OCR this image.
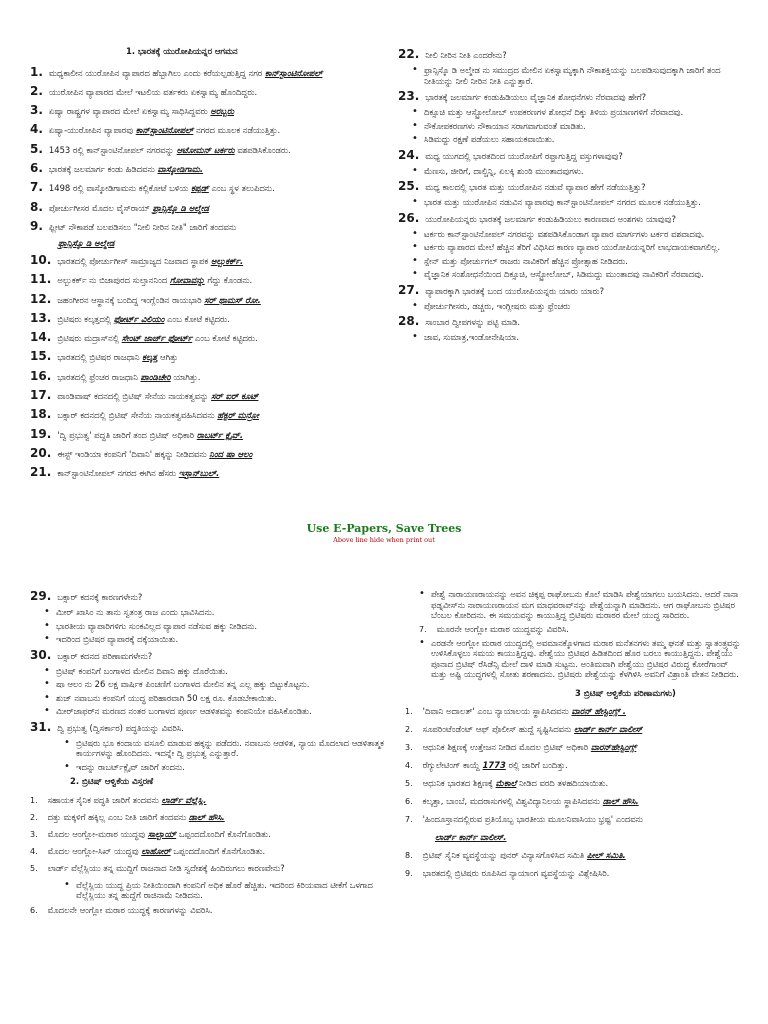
1. ಭಾರತಕ್ಕೆ ಯುರೋಪಿಯನ್ನರ ಆಗಮನ
1. ಮಧ್ಯಕಾಲೀನ ಯುರೋಪಿನ ವ್ಯಾಪಾರದ ಹೆಬ್ಬಾಗಿಲು ಎಂದು ಕರೆಯಲ್ಪಡುತ್ತಿದ್ದ ನಗರ ಕಾನ್‌ಸ್ಟಾಂಟಿನೋಪಲ್
2. ಯುರೋಪಿನ ವ್ಯಾಪಾರದ ಮೇಲೆ ಇಟಲಿಯ ವರ್ತಕರು ಏಕಸ್ವಾಮ್ಯ ಹೊಂದಿದ್ದರು.
3. ಏಷ್ಯಾ ರಾಷ್ಟ್ರಗಳ ವ್ಯಾಪಾರದ ಮೇಲೆ ಏಕಸ್ವಾಮ್ಯ ಸಾಧಿಸಿದ್ದವರು ಅರಬ್ಬರು
4. ಏಷ್ಯಾ-ಯುರೋಪಿನ ವ್ಯಾಪಾರವು ಕಾನ್‌ಸ್ಟಾಂಟಿನೋಪಲ್ ನಗರದ ಮೂಲಕ ನಡೆಯುತ್ತಿತ್ತು.
5. 1453 ರಲ್ಲಿ ಕಾನ್‌ಸ್ಟಾಂಟಿನೋಪಲ್ ನಗರವನ್ನು ಆಟೋಮನ್ ಟರ್ಕರು ವಶಪಡಿಸಿಕೊಂಡರು.
6. ಭಾರತಕ್ಕೆ ಜಲಮಾರ್ಗ ಕಂಡು ಹಿಡಿದವನು ವಾಸ್ಕೋಡಿಗಾಮ.
7. 1498 ರಲ್ಲಿ ವಾಸ್ಕೋಡಿಗಾಮನು ಕಲ್ಲಿಕೋಟೆ ಬಳಿಯ ಕಪ್ಪಡ್ ಎಂಬ ಸ್ಥಳ ತಲುಪಿದನು.
8. ಪೋರ್ಚುಗೀಸರ ಮೊದಲ ವೈಸ್‌ರಾಯ್ ಫ್ರಾನ್ಸಿಸ್ಕೊ ಡಿ ಅಲ್ಮೇಡ
9. ಫ್ಲೀಟ್ ನೌಕಾಪಡೆ ಬಲಪಡಿಸಲು "ನೀಲಿ ನೀರಿನ ನೀತಿ" ಜಾರಿಗೆ ತಂದವನು
ಫ್ರಾನ್ಸಿಸ್ಕೊ ಡಿ ಅಲ್ಮೇಡ
10. ಭಾರತದಲ್ಲಿ ಪೋರ್ಚುಗೀಸ್ ಸಾಮ್ರಾಜ್ಯದ ನಿಜವಾದ ಸ್ಥಾಪಕ ಅಲ್ಬುಕರ್ಕ್.
11. ಅಲ್ಬುಕರ್ಕ್ ನು ಬಿಜಾಪುರದ ಸುಲ್ತಾನನಿಂದ ಗೋವಾವನ್ನು ಗೆದ್ದು ಕೊಂಡನು.
12. ಜಹಂಗೀರನ ಆಸ್ಥಾನಕ್ಕೆ ಬಂದಿದ್ದ ಇಂಗ್ಲೆಂಡಿನ ರಾಯಭಾರಿ ಸರ್ ಥಾಮಸ್ ರೋ.
13. ಬ್ರಿಟಿಷರು ಕಲ್ಕತ್ತದಲ್ಲಿ ಫೋರ್ಟ್ ವಿಲಿಯಂ ಎಂಬ ಕೋಟೆ ಕಟ್ಟಿದರು.
14. ಬ್ರಿಟಿಷರು ಮದ್ರಾಸ್‌ನಲ್ಲಿ ಸೇಂಟ್ ಜಾರ್ಜ್ ಫೋರ್ಟ್ ಎಂಬ ಕೋಟೆ ಕಟ್ಟಿದರು.
15. ಭಾರತದಲ್ಲಿ ಬ್ರಿಟಿಷರ ರಾಜಧಾನಿ ಕಲ್ಕತ್ತ ಆಗಿತ್ತು
16. ಭಾರತದಲ್ಲಿ ಫ್ರೆಂಚರ ರಾಜಧಾನಿ ಪಾಂಡಿಚೇರಿ ಯಾಗಿತ್ತು.
17. ವಾಂಡಿವಾಷ್ ಕದನದಲ್ಲಿ ಬ್ರಿಟಿಷ್ ಸೇನೆಯ ನಾಯಕತ್ವವನ್ನು ಸರ್ ಐರ್ ಕೂಟ್
18. ಬಕ್ಸಾರ್ ಕದನದಲ್ಲಿ ಬ್ರಿಟಿಷ್ ಸೇನೆಯ ನಾಯಕತ್ವವಹಿಸಿದವನು ಹೆಕ್ಟರ್ ಮನ್ರೋ
19. 'ದ್ವಿ ಪ್ರಭುತ್ವ' ಪದ್ಧತಿ ಜಾರಿಗೆ ತಂದ ಬ್ರಿಟಿಷ್ ಅಧಿಕಾರಿ ರಾಬರ್ಟ್ ಕ್ಲೈವ್.
20. ಈಸ್ಟ್ ಇಂಡಿಯಾ ಕಂಪನಿಗೆ 'ದಿವಾನಿ' ಹಕ್ಕನ್ನು ನೀಡಿದವನು ನಿಂದ ಷಾ ಆಲಂ
21. ಕಾನ್‌ಸ್ಟಾಂಟಿನೋಪಲ್ ನಗರದ ಈಗಿನ ಹೆಸರು ಇಸ್ತಾನ್‌ಬುಲ್.
22. ನೀಲಿ ನೀರಿನ ನೀತಿ ಎಂದರೇನು?
• ಫ್ರಾನ್ಸಿಸ್ಕೊ ಡಿ ಅಲ್ಮೇಡ ನು ಸಮುದ್ರದ ಮೇಲಿನ ಏಕಸ್ವಾಮ್ಯಕ್ಕಾಗಿ ನೌಕಾಶಕ್ತಿಯನ್ನು ಬಲಪಡಿಸುವುದಕ್ಕಾಗಿ ಜಾರಿಗೆ ತಂದ ನೀತಿಯನ್ನು ನೀಲಿ ನೀರಿನ ನೀತಿ ಎನ್ನುತ್ತಾರೆ.
23. ಭಾರತಕ್ಕೆ ಜಲಮಾರ್ಗ ಕಂಡುಹಿಡಿಯಲು ವೈಜ್ಞಾನಿಕ ಶೋಧನೆಗಳು ನೆರವಾದವು ಹೇಗೆ?
• ದಿಕ್ಸೂಚಿ ಮತ್ತು ಆಸ್ಟ್ರೋಲೋಬ್ ಉಪಕರಣಗಳ ಶೋಧನೆ ದಿಕ್ಕು ತಿಳಿಯ ಪ್ರಯಾಣಗಳಿಗೆ ನೆರವಾದವು.
• ನೌಕೋಪಕರಣಗಳು ನೌಕಾಯಾನ ಸರಾಗವಾಗುವಂತೆ ಮಾಡಿತು.
• ಸಿಡಿಮದ್ದು ರಕ್ಷಣೆ ಪಡೆಯಲು ಸಹಾಯಕವಾಯಿತು.
24. ಮಧ್ಯ ಯುಗದಲ್ಲಿ ಭಾರತದಿಂದ ಯುರೋಪಿಗೆ ರಫ್ತಾಗುತ್ತಿದ್ದ ವಸ್ತುಗಳಾವುವು?
• ಮೆಣಸು, ಜೀರಿಗೆ, ದಾಲ್ಚಿನ್ನಿ, ಏಲಕ್ಕಿ ಶುಂಠಿ ಮುಂತಾದವುಗಳು.
25. ಮಧ್ಯ ಕಾಲದಲ್ಲಿ ಭಾರತ ಮತ್ತು ಯುರೋಪಿನ ನಡುವೆ ವ್ಯಾಪಾರ ಹೇಗೆ ನಡೆಯುತ್ತಿತ್ತು?
• ಭಾರತ ಮತ್ತು ಯುರೋಪಿನ ನಡುವಿನ ವ್ಯಾಪಾರವು ಕಾನ್‌ಸ್ಟಾಂಟಿನೋಪಲ್ ನಗರದ ಮೂಲಕ ನಡೆಯುತ್ತಿತ್ತು.
26. ಯುರೋಪಿಯನ್ನರು ಭಾರತಕ್ಕೆ ಜಲಮಾರ್ಗ ಕಂಡುಹಿಡಿಯಲು ಕಾರಣವಾದ ಅಂಶಗಳು ಯಾವುವು?
• ಟರ್ಕರು ಕಾನ್‌ಸ್ಟಾಂಟಿನೋಪಲ್ ನಗರವನ್ನು ವಶಪಡಿಸಿಕೊಂಡಾಗ ವ್ಯಾಪಾರ ಮಾರ್ಗಗಳು ಟರ್ಕರ ವಶವಾದವು.
• ಟರ್ಕರು ವ್ಯಾಪಾರದ ಮೇಲೆ ಹೆಚ್ಚಿನ ತೆರಿಗೆ ವಿಧಿಸಿದ ಕಾರಣ ವ್ಯಾಪಾರ ಯುರೋಪಿಯನ್ನರಿಗೆ ಲಾಭದಾಯಕವಾಗಲಿಲ್ಲ.
• ಸ್ಪೇನ್ ಮತ್ತು ಪೋರ್ಚುಗಲ್ ರಾಜರು ನಾವಿಕರಿಗೆ ಹೆಚ್ಚಿನ ಪ್ರೋತ್ಸಾಹ ನೀಡಿದರು.
• ವೈಜ್ಞಾನಿಕ ಸಂಶೋಧನೆಯಿಂದ ದಿಕ್ಸೂಚಿ, ಆಸ್ಟ್ರೋಲೋಬ್, ಸಿಡಿಮದ್ದು ಮುಂತಾದವು ನಾವಿಕರಿಗೆ ನೆರವಾದವು.
27. ವ್ಯಾಪಾರಕ್ಕಾಗಿ ಭಾರತಕ್ಕೆ ಬಂದ ಯುರೋಪಿಯನ್ನರು ಯಾರು ಯಾರು?
• ಪೋರ್ಚುಗೀಸರು, ಡಚ್ಚರು, ಇಂಗ್ಲೀಷರು ಮತ್ತು ಫ್ರೆಂಚರು
28. ಸಾಂಬಾರ ದ್ವೀಪಗಳನ್ನು ಪಟ್ಟಿ ಮಾಡಿ.
• ಜಾವ, ಸುಮಾತ್ರ,ಇಂಡೋನೇಷಿಯಾ.
Use E-Papers, Save Trees
Above line hide when print out
29. ಬಕ್ಸಾರ್ ಕದನಕ್ಕೆ ಕಾರಣಗಳೇನು?
• ಮೀರ್ ಖಾಸಿಂ ನು ತಾನು ಸ್ವತಂತ್ರ ರಾಜ ಎಂದು ಭಾವಿಸಿದನು.
• ಭಾರತೀಯ ವ್ಯಾಪಾರಿಗಳಿಗು ಸುಂಕವಿಲ್ಲದ ವ್ಯಾಪಾರ ನಡೆಸುವ ಹಕ್ಕು ನೀಡಿದನು.
• ಇದರಿಂದ ಬ್ರಿಟಿಷರ ವ್ಯಾಪಾರಕ್ಕೆ ದಕ್ಕೆಯಾಯಿತು.
30. ಬಕ್ಸಾರ್ ಕದನದ ಪರಿಣಾಮಗಳೇನು?
• ಬ್ರಿಟಿಷ್ ಕಂಪನಿಗೆ ಬಂಗಾಳದ ಮೇಲಿನ ದಿವಾನಿ ಹಕ್ಕು ದೊರೆಯಿತು.
• ಷಾ ಆಲಂ ನು 26 ಲಕ್ಷ ವಾರ್ಷಿಕ ಪಿಂಚಣಿಗೆ ಬಂಗಾಳದ ಮೇಲಿನ ತನ್ನ ಎಲ್ಲ ಹಕ್ಕು ಬಿಟ್ಟುಕೊಟ್ಟನು.
• ಶುಜ್ ನವಾಬನು ಕಂಪನಿಗೆ ಯುದ್ಧ ಪರಿಹಾರವಾಗಿ 50 ಲಕ್ಷ ರೂ. ಕೊಡಬೇಕಾಯಿತು.
• ಮೀರ್‌ಜಾಫರ್‌ನ ಮರಣದ ನಂತರ ಬಂಗಾಳದ ಪೂರ್ಣ ಆಡಳಿತವನ್ನು ಕಂಪನಿಯೇ ವಹಿಸಿಕೊಂಡಿತು.
31. ದ್ವಿ ಪ್ರಭುತ್ವ (ದ್ವಿಸರ್ಕಾರ) ಪದ್ಧತಿಯನ್ನು ವಿವರಿಸಿ.
• ಬ್ರಿಟಿಷರು ಭೂ ಕಂದಾಯ ವಸೂಲಿ ಮಾಡುವ ಹಕ್ಕನ್ನು ಪಡೆದರು. ನವಾಬನು ಆಡಳಿತ, ನ್ಯಾಯ ಮೊದಲಾದ ಆಡಳಿತಾತ್ಮಕ ಕಾರ್ಯಗಳನ್ನು ಹೊಂದಿದನು. ಇದನ್ನೇ ದ್ವಿ ಪ್ರಭುತ್ವ ಎನ್ನುತ್ತಾರೆ.
• ಇದನ್ನು ರಾಬರ್ಟ್‌ಕ್ಲೈವ್ ಜಾರಿಗೆ ತಂದನು.
2. ಬ್ರಿಟಿಷ್ ಆಳ್ವಿಕೆಯ ವಿಸ್ತರಣೆ
1. ಸಹಾಯಕ ಸೈನಿಕ ಪದ್ಧತಿ ಜಾರಿಗೆ ತಂದವನು ಲಾರ್ಡ್ ವೆಲ್ಲೆಸ್ಲಿ.
2. ದತ್ತು ಮಕ್ಕಳಿಗೆ ಹಕ್ಕಿಲ್ಲ ಎಂಬ ನೀತಿ ಜಾರಿಗೆ ತಂದವನು ಡಾಲ್ ಹೌಸಿ.
3. ಮೊದಲ ಆಂಗ್ಲೋ-ಮರಾಠ ಯುದ್ಧವು ಸಾಲ್ಬಾಯ್ ಒಪ್ಪಂದದೊಂದಿಗೆ ಕೊನೆಗೊಂಡಿತು.
4. ಮೊದಲ ಆಂಗ್ಲೋ-ಸಿಖ್ ಯುದ್ಧವು ಲಾಹೋರ್ ಒಪ್ಪಂದದೊಂದಿಗೆ ಕೊನೆಗೊಂಡಿತು.
5. ಲಾರ್ಡ್ ವೆಲ್ಲೆಸ್ಲಿಯು ತನ್ನ ಮುದ್ದಿಗೆ ರಾಜನಾದ ನೀಡಿ ಸ್ವದೇಶಕ್ಕೆ ಹಿಂದಿರುಗಲು ಕಾರಣವೇನು?
• ವೆಲ್ಲೆಸ್ಲಿಯ ಯುದ್ಧ ಪ್ರಿಯ ನೀತಿಯಿಂದಾಗಿ ಕಂಪನಿಗೆ ಅಧಿಕ ಹೊರೆ ಹೆಚ್ಚಿತು. ಇದರಿಂದ ಕಿರಿಯವಾದ ಟೀಕೆಗೆ ಒಳಗಾದ ವೆಲ್ಲೆಸ್ಲಿಯು ತನ್ನ ಹುದ್ದೆಗೆ ರಾಜಿನಾಮೆ ನೀಡಿದನು.
6. ಮೊದಲನೇ ಆಂಗ್ಲೋ ಮರಾಠ ಯುದ್ಧಕ್ಕೆ ಕಾರಣಗಳನ್ನು ವಿವರಿಸಿ.
• ಪೇಶ್ವೆ ನಾರಾಯಣರಾಯನನ್ನು ಅವನ ಚಿಕ್ಕಪ್ಪ ರಾಘೋಬನು ಕೊಲೆ ಮಾಡಿಸಿ ಪೇಶ್ವೆಯಾಗಲು ಬಯಸಿದನು. ಆದರೆ ನಾನಾ ಫಡ್ನವೀಸ್‌ನು ನಾರಾಯಣರಾಯನ ಮಗ ಮಾಧವರಾವ್‌ನನ್ನು ಪೇಶ್ವೆಯನ್ನಾಗಿ ಮಾಡಿದನು. ಆಗ ರಾಘೋಬನು ಬ್ರಿಟಿಷರ ಬೆಂಬಲ ಕೋರಿದನು. ಈ ಸಮಯವನ್ನು ಕಾಯುತ್ತಿದ್ದ ಬ್ರಿಟಿಷರು ಮರಾಠರ ಮೇಲೆ ಯುದ್ಧ ಸಾರಿದರು.
7. ಮೂರನೇ ಆಂಗ್ಲೋ ಮರಾಠ ಯುದ್ಧವನ್ನು ವಿವರಿಸಿ.
• ಎರಡನೇ ಆಂಗ್ಲೋ ಮರಾಠ ಯುದ್ಧದಲ್ಲಿ ಅವಮಾನಕ್ಕೊಳಗಾದ ಮರಾಠ ಮನೆತನಗಳು ತಮ್ಮ ಘನತೆ ಮತ್ತು ಸ್ವಾತಂತ್ರ್ಯವನ್ನು ಉಳಿಸಿಕೊಳ್ಳಲು ಸಮಯ ಕಾಯುತ್ತಿದ್ದವು. ಪೇಶ್ವೆಯು ಬ್ರಿಟಿಷರ ಹಿಡಿತದಿಂದ ಹೊರ ಬರಲು ಕಾಯುತ್ತಿದ್ದನು. ಪೇಶ್ವೆಯು ಪೂನಾದ ಬ್ರಿಟಿಷ್ ರೆಸಿಡೆನ್ಸಿ ಮೇಲೆ ದಾಳಿ ಮಾಡಿ ಸುಟ್ಟನು. ಅಂತಿಮವಾಗಿ ಪೇಶ್ವೆಯು ಬ್ರಿಟಿಷರ ವಿರುದ್ಧ ಕೋರೆಗಾಂವ್ ಮತ್ತು ಅಷ್ಟಿ ಯುದ್ಧಗಳಲ್ಲಿ ಸೋತು ಶರಣಾದನು. ಬ್ರಿಟಿಷರು ಪೇಶ್ವೆಯನ್ನು ಕೆಳಗಿಳಿಸಿ ಅವನಿಗೆ ವಿಶ್ರಾಂತಿ ವೇತನ ನೀಡಿದರು.
3 ಬ್ರಿಟಿಷ್ ಆಳ್ವಿಕೆಯ ಪರಿಣಾಮಗಳು)
1. 'ದಿವಾನಿ ಅದಾಲತ್' ಎಂಬ ನ್ಯಾಯಾಲಯ ಸ್ಥಾಪಿಸಿದವನು ವಾರನ್ ಹೇಸ್ಟಿಂಗ್ಸ್ .
2. ಸೂಪರಿಂಟೆಂಡೆಂಟ್ ಆಫ್ ಪೊಲೀಸ್ ಹುದ್ದೆ ಸೃಷ್ಟಿಸಿದವನು ಲಾರ್ಡ್ ಕಾರ್ನ್ ವಾಲೀಸ್
3. ಆಧುನಿಕ ಶಿಕ್ಷಣಕ್ಕೆ ಉತ್ತೇಜನ ನೀಡಿದ ಮೊದಲ ಬ್ರಿಟಿಷ್ ಅಧಿಕಾರಿ ವಾರನ್‌ಹೇಸ್ಟಿಂಗ್ಸ್
4. ರೆಗ್ಯುಲೇಟಿಂಗ್ ಕಾಯ್ದೆ 1773 ರಲ್ಲಿ ಜಾರಿಗೆ ಬಂದಿತ್ತು.
5. ಆಧುನಿಕ ಭಾರತದ ಶಿಕ್ಷಣಕ್ಕೆ ಮೆಕಾಲೆ ನೀಡಿದ ವರದಿ ತಳಹದಿಯಾಯಿತು.
6. ಕಲ್ಕತ್ತಾ, ಬಾಂಬೆ, ಮದರಾಸುಗಳಲ್ಲಿ ವಿಶ್ವವಿದ್ಯಾನಿಲಯ ಸ್ಥಾಪಿಸಿದವನು ಡಾಲ್ ಹೌಸಿ.
7. 'ಹಿಂದೂಸ್ತಾನದಲ್ಲಿರುವ ಪ್ರತಿಯೊಬ್ಬ ಭಾರತೀಯ ಮೂಲನಿವಾಸಿಯು ಭ್ರಷ್ಟ' ಎಂದವನು
ಲಾರ್ಡ್ ಕಾರ್ನ್ ವಾಲೀಸ್.
8. ಬ್ರಿಟಿಷ್ ಸೈನಿಕ ವ್ಯವಸ್ಥೆಯನ್ನು ಪುನರ್ ವಿನ್ಯಾಸಗೊಳಿಸಿದ ಸಮಿತಿ ಪೀಲ್ ಸಮಿತಿ.
9. ಭಾರತದಲ್ಲಿ ಬ್ರಿಟಿಷರು ರೂಪಿಸಿದ ನ್ಯಾಯಾಂಗ ವ್ಯವಸ್ಥೆಯನ್ನು ವಿಶ್ಲೇಷಿಸಿರಿ.
